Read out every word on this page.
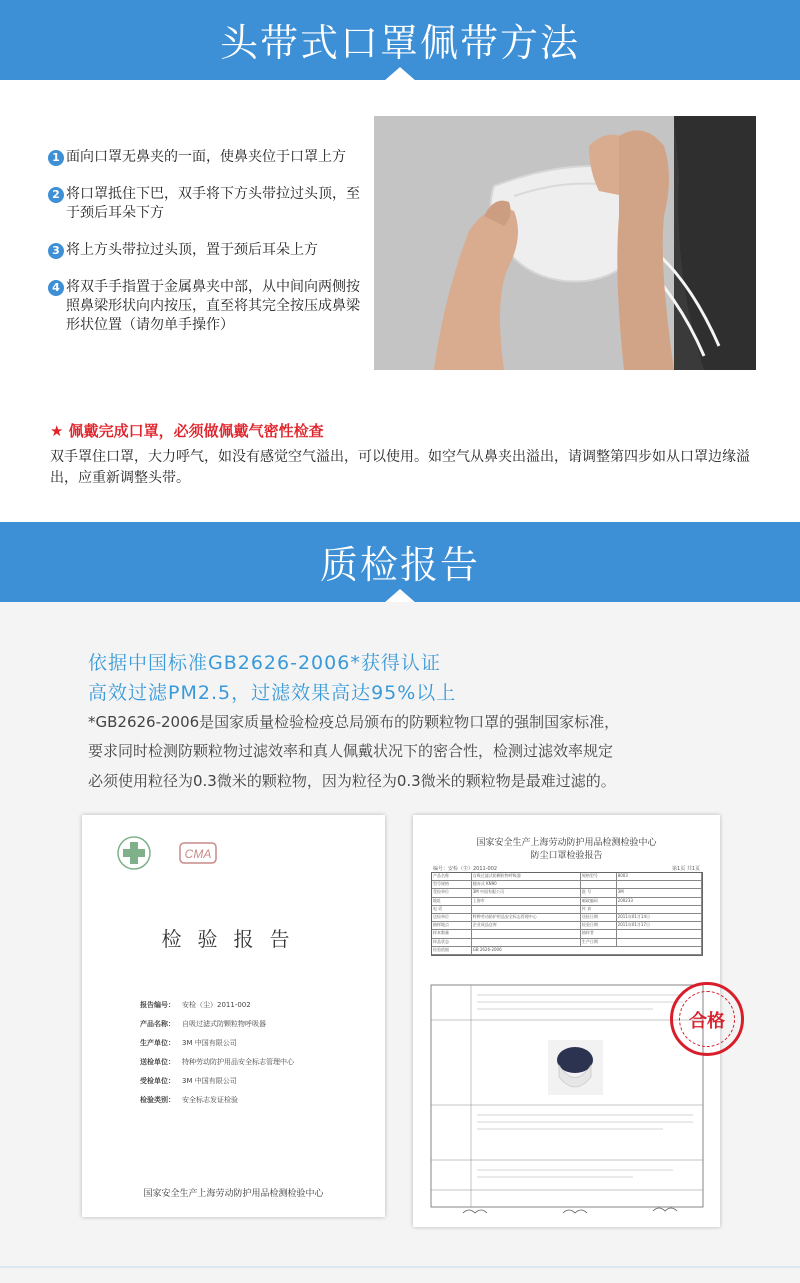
头带式口罩佩带方法
1 面向口罩无鼻夹的一面，使鼻夹位于口罩上方
2 将口罩抵住下巴，双手将下方头带拉过头顶，至于颈后耳朵下方
3 将上方头带拉过头顶，置于颈后耳朵上方
4 将双手手指置于金属鼻夹中部，从中间向两侧按 照鼻梁形状向内按压，直至将其完全按压成鼻梁形状位置（请勿单手操作）
★ 佩戴完成口罩，必须做佩戴气密性检查
双手罩住口罩，大力呼气，如没有感觉空气溢出，可以使用。如空气从鼻夹出溢出，请调整第四步如从口罩边缘溢出，应重新调整头带。
质检报告
依据中国标准GB2626-2006*获得认证
高效过滤PM2.5，过滤效果高达95%以上
*GB2626-2006是国家质量检验检疫总局颁布的防颗粒物口罩的强制国家标准，
要求同时检测防颗粒物过滤效率和真人佩戴状况下的密合性，检测过滤效率规定
必须使用粒径为0.3微米的颗粒物，因为粒径为0.3微米的颗粒物是最难过滤的。
CMA
检验报告
报告编号： 安检（尘）2011-002
产品名称： 自吸过滤式防颗粒物呼吸器
生产单位： 3M 中国有限公司
送检单位： 特种劳动防护用品安全标志管理中心
受检单位： 3M 中国有限公司
检验类别： 安全标志发证检验
国家安全生产上海劳动防护用品检测检验中心
国家安全生产上海劳动防护用品检测检验中心
防尘口罩检验报告
编号：安检（尘）2011-002	第1页 共1页
产品名称	自吸过滤式防颗粒物呼吸器	规格型号	8003
型号规格	随弃式 KN90
受检单位	3M 中国有限公司	批 号	3M
地址	上海市	邮政编码	200233
电 话	传 真
送检单位	特种劳动防护用品安全标志管理中心	送检日期	2011年01月14日
抽样地点	企业成品仓库	检验日期	2011年01月17日
样本数量	抽样者
样品状态	生产日期
检验依据	GB 2626-2006
合格
